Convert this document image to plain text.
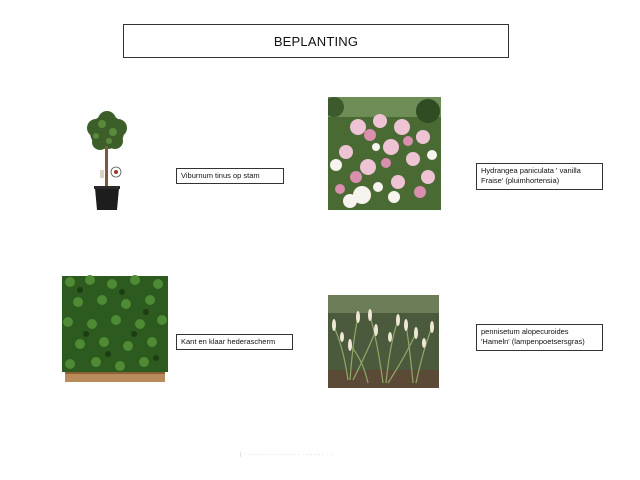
BEPLANTING
Viburnum tinus op stam
Hydrangea paniculata ' vanilla Fraise' (pluimhortensia)
Kant en klaar hederascherm
pennisetum alopecuroides 'Hameln' (lampenpoetsersgras)
| ·········· ·········· ········ ···
